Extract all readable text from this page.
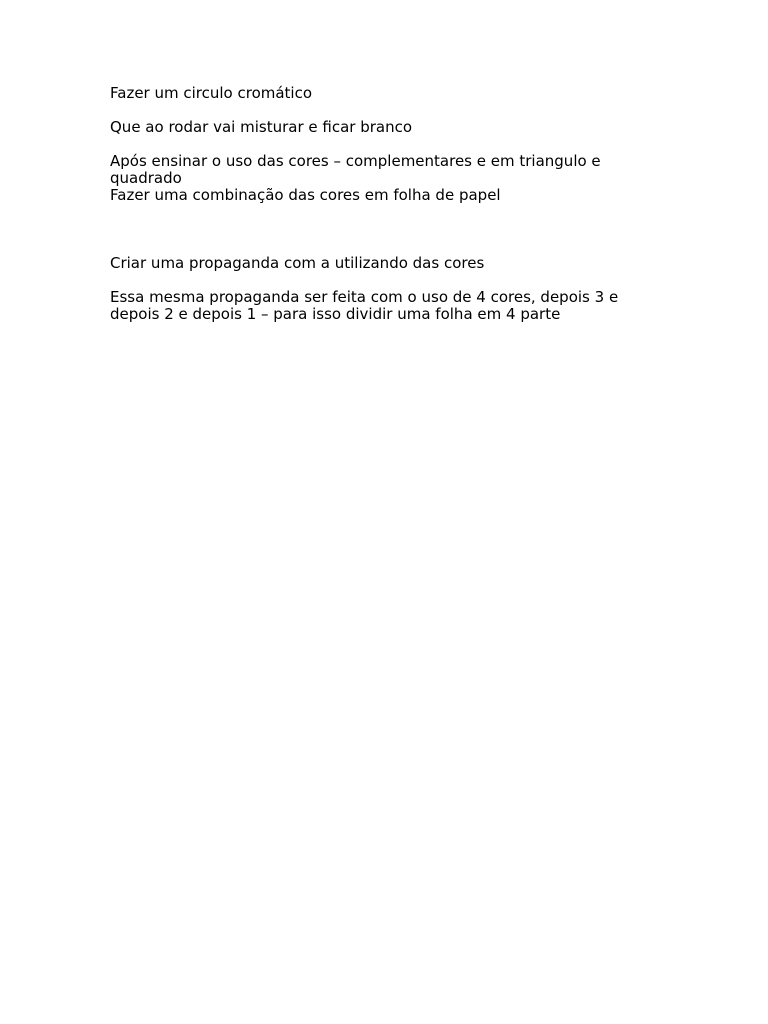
Fazer um circulo cromático

Que ao rodar vai misturar e ficar branco

Após ensinar o uso das cores – complementares e em triangulo e quadrado

Fazer uma combinação das cores em folha de papel

Criar uma propaganda com a utilizando das cores

Essa mesma propaganda ser feita com o uso de 4 cores, depois 3 e depois 2 e depois 1 – para isso dividir uma folha em 4 parte
